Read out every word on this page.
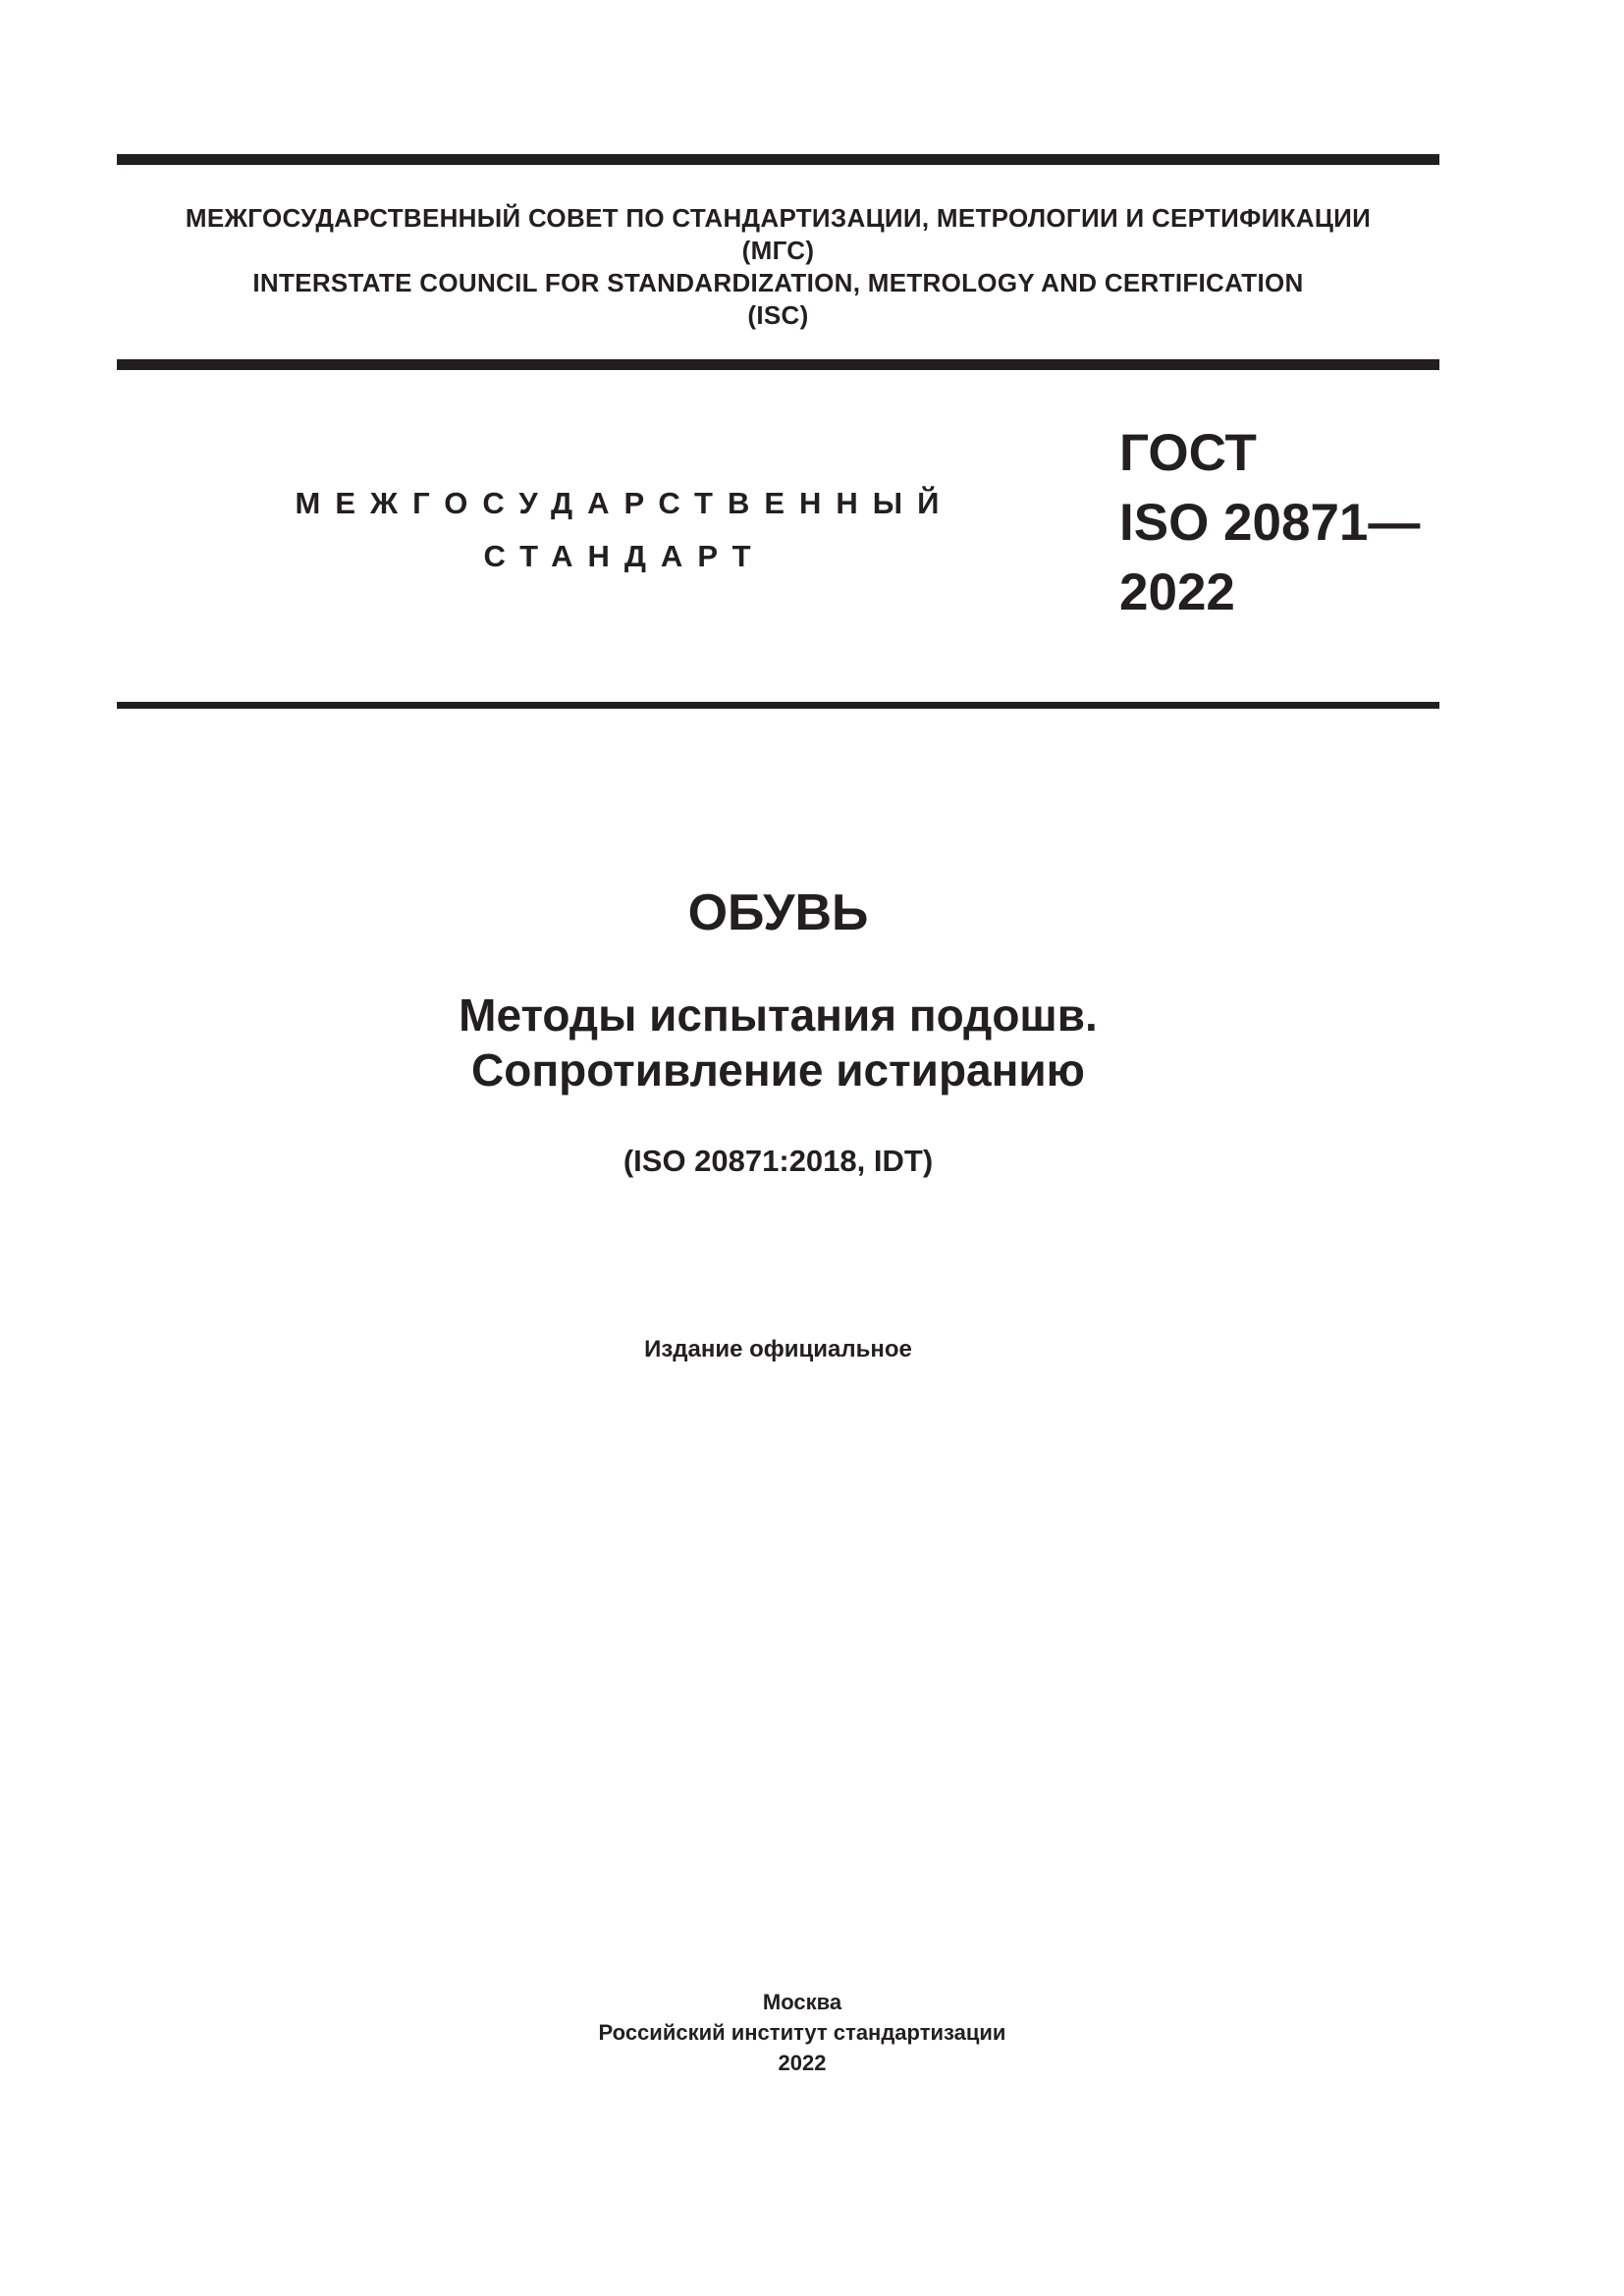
МЕЖГОСУДАРСТВЕННЫЙ СОВЕТ ПО СТАНДАРТИЗАЦИИ, МЕТРОЛОГИИ И СЕРТИФИКАЦИИ
(МГС)
INTERSTATE COUNCIL FOR STANDARDIZATION, METROLOGY AND CERTIFICATION
(ISC)
МЕЖГОСУДАРСТВЕННЫЙ
СТАНДАРТ
ГОСТ
ISO 20871—
2022
ОБУВЬ
Методы испытания подошв.
Сопротивление истиранию
(ISO 20871:2018, IDT)
Издание официальное
Москва
Российский институт стандартизации
2022
